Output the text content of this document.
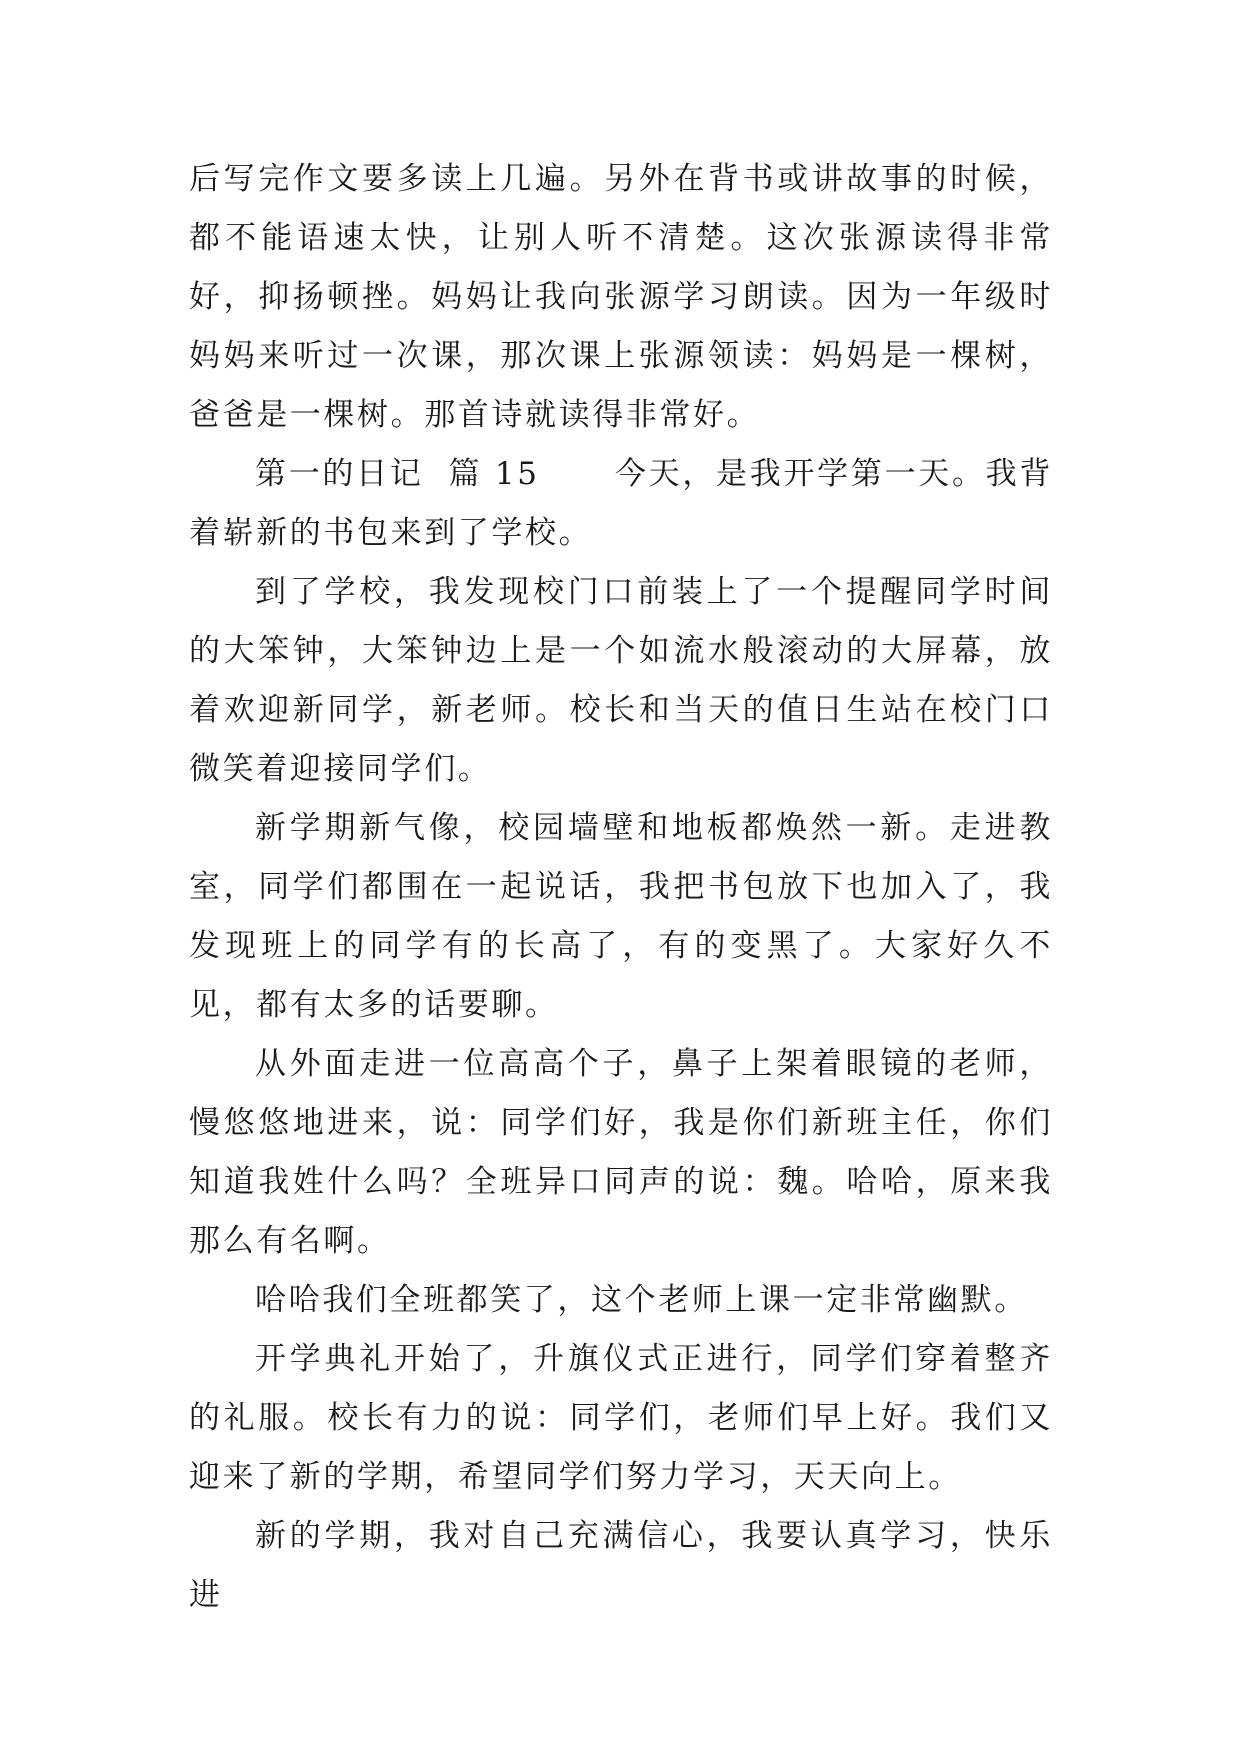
后写完作文要多读上几遍。另外在背书或讲故事的时候，都不能语速太快，让别人听不清楚。这次张源读得非常好，抑扬顿挫。妈妈让我向张源学习朗读。因为一年级时妈妈来听过一次课，那次课上张源领读：妈妈是一棵树，爸爸是一棵树。那首诗就读得非常好。

第一的日记  篇 15      今天，是我开学第一天。我背着崭新的书包来到了学校。

到了学校，我发现校门口前装上了一个提醒同学时间的大笨钟，大笨钟边上是一个如流水般滚动的大屏幕，放着欢迎新同学，新老师。校长和当天的值日生站在校门口微笑着迎接同学们。

新学期新气像，校园墙壁和地板都焕然一新。走进教室，同学们都围在一起说话，我把书包放下也加入了，我发现班上的同学有的长高了，有的变黑了。大家好久不见，都有太多的话要聊。

从外面走进一位高高个子，鼻子上架着眼镜的老师，慢悠悠地进来，说：同学们好，我是你们新班主任，你们知道我姓什么吗？全班异口同声的说：魏。哈哈，原来我那么有名啊。

哈哈我们全班都笑了，这个老师上课一定非常幽默。

开学典礼开始了，升旗仪式正进行，同学们穿着整齐的礼服。校长有力的说：同学们，老师们早上好。我们又迎来了新的学期，希望同学们努力学习，天天向上。

新的学期，我对自己充满信心，我要认真学习，快乐进
